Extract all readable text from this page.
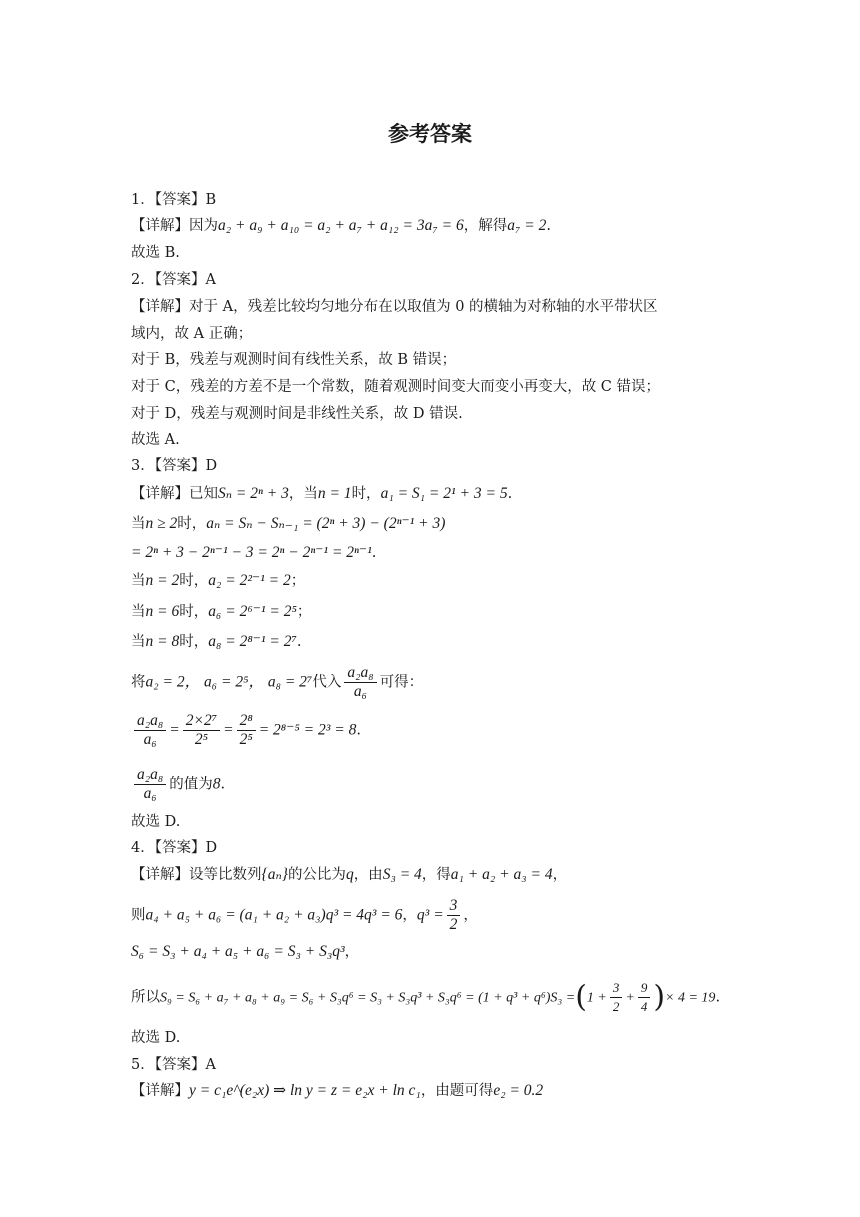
参考答案
1．【答案】B
【详解】因为a₂ + a₉ + a₁₀ = a₂ + a₇ + a₁₂ = 3a₇ = 6，解得a₇ = 2.
故选 B.
2．【答案】A
【详解】对于 A，残差比较均匀地分布在以取值为 0 的横轴为对称轴的水平带状区
域内，故 A 正确；
对于 B，残差与观测时间有线性关系，故 B 错误；
对于 C，残差的方差不是一个常数，随着观测时间变大而变小再变大，故 C 错误；
对于 D，残差与观测时间是非线性关系，故 D 错误.
故选 A.
3．【答案】D
【详解】已知Sₙ = 2ⁿ + 3，当n = 1时，a₁ = S₁ = 2¹ + 3 = 5.
当n ≥ 2时，aₙ = Sₙ − Sₙ₋₁ = (2ⁿ + 3) − (2ⁿ⁻¹ + 3)
= 2ⁿ + 3 − 2ⁿ⁻¹ − 3 = 2ⁿ − 2ⁿ⁻¹ = 2ⁿ⁻¹.
当n = 2时，a₂ = 2²⁻¹ = 2；
当n = 6时，a₆ = 2⁶⁻¹ = 2⁵；
当n = 8时，a₈ = 2⁸⁻¹ = 2⁷.
将a₂ = 2， a₆ = 2⁵， a₈ = 2⁷代入 $\frac{\text{a₂a₈}}{\text{a₆}}$ 可得：
$\frac{\text{a₂a₈}}{\text{a₆}} = \frac{\text{2×2⁷}}{\text{2⁵}} = \frac{\text{2⁸}}{\text{2⁵}} = 2^{8-5} = 2^3 = 8$.
$\frac{\text{a₂a₈}}{\text{a₆}}$ 的值为8.
故选 D.
4．【答案】D
【详解】设等比数列{aₙ}的公比为q，由S₃ = 4，得a₁ + a₂ + a₃ = 4，
则a₄ + a₅ + a₆ = (a₁ + a₂ + a₃)q³ = 4q³ = 6，$q^3 = \frac{3}{2}$ ，
S₆ = S₃ + a₄ + a₅ + a₆ = S₃ + S₃q³，
所以$S_9 = S_6 + a_7 + a_8 + a_9 = S_6 + S_3q^6 = S_3 + S_3q^3 + S_3q^6 = (1 + q^3 + q^6)S_3 =(1 + \frac{3}{2} + \frac{9}{4}$ )× 4 = 19.
故选 D.
5．【答案】A
【详解】y = c₁e^(e₂x) ⇒ ln y = z = e₂x + ln c₁，由题可得e₂ = 0.2
